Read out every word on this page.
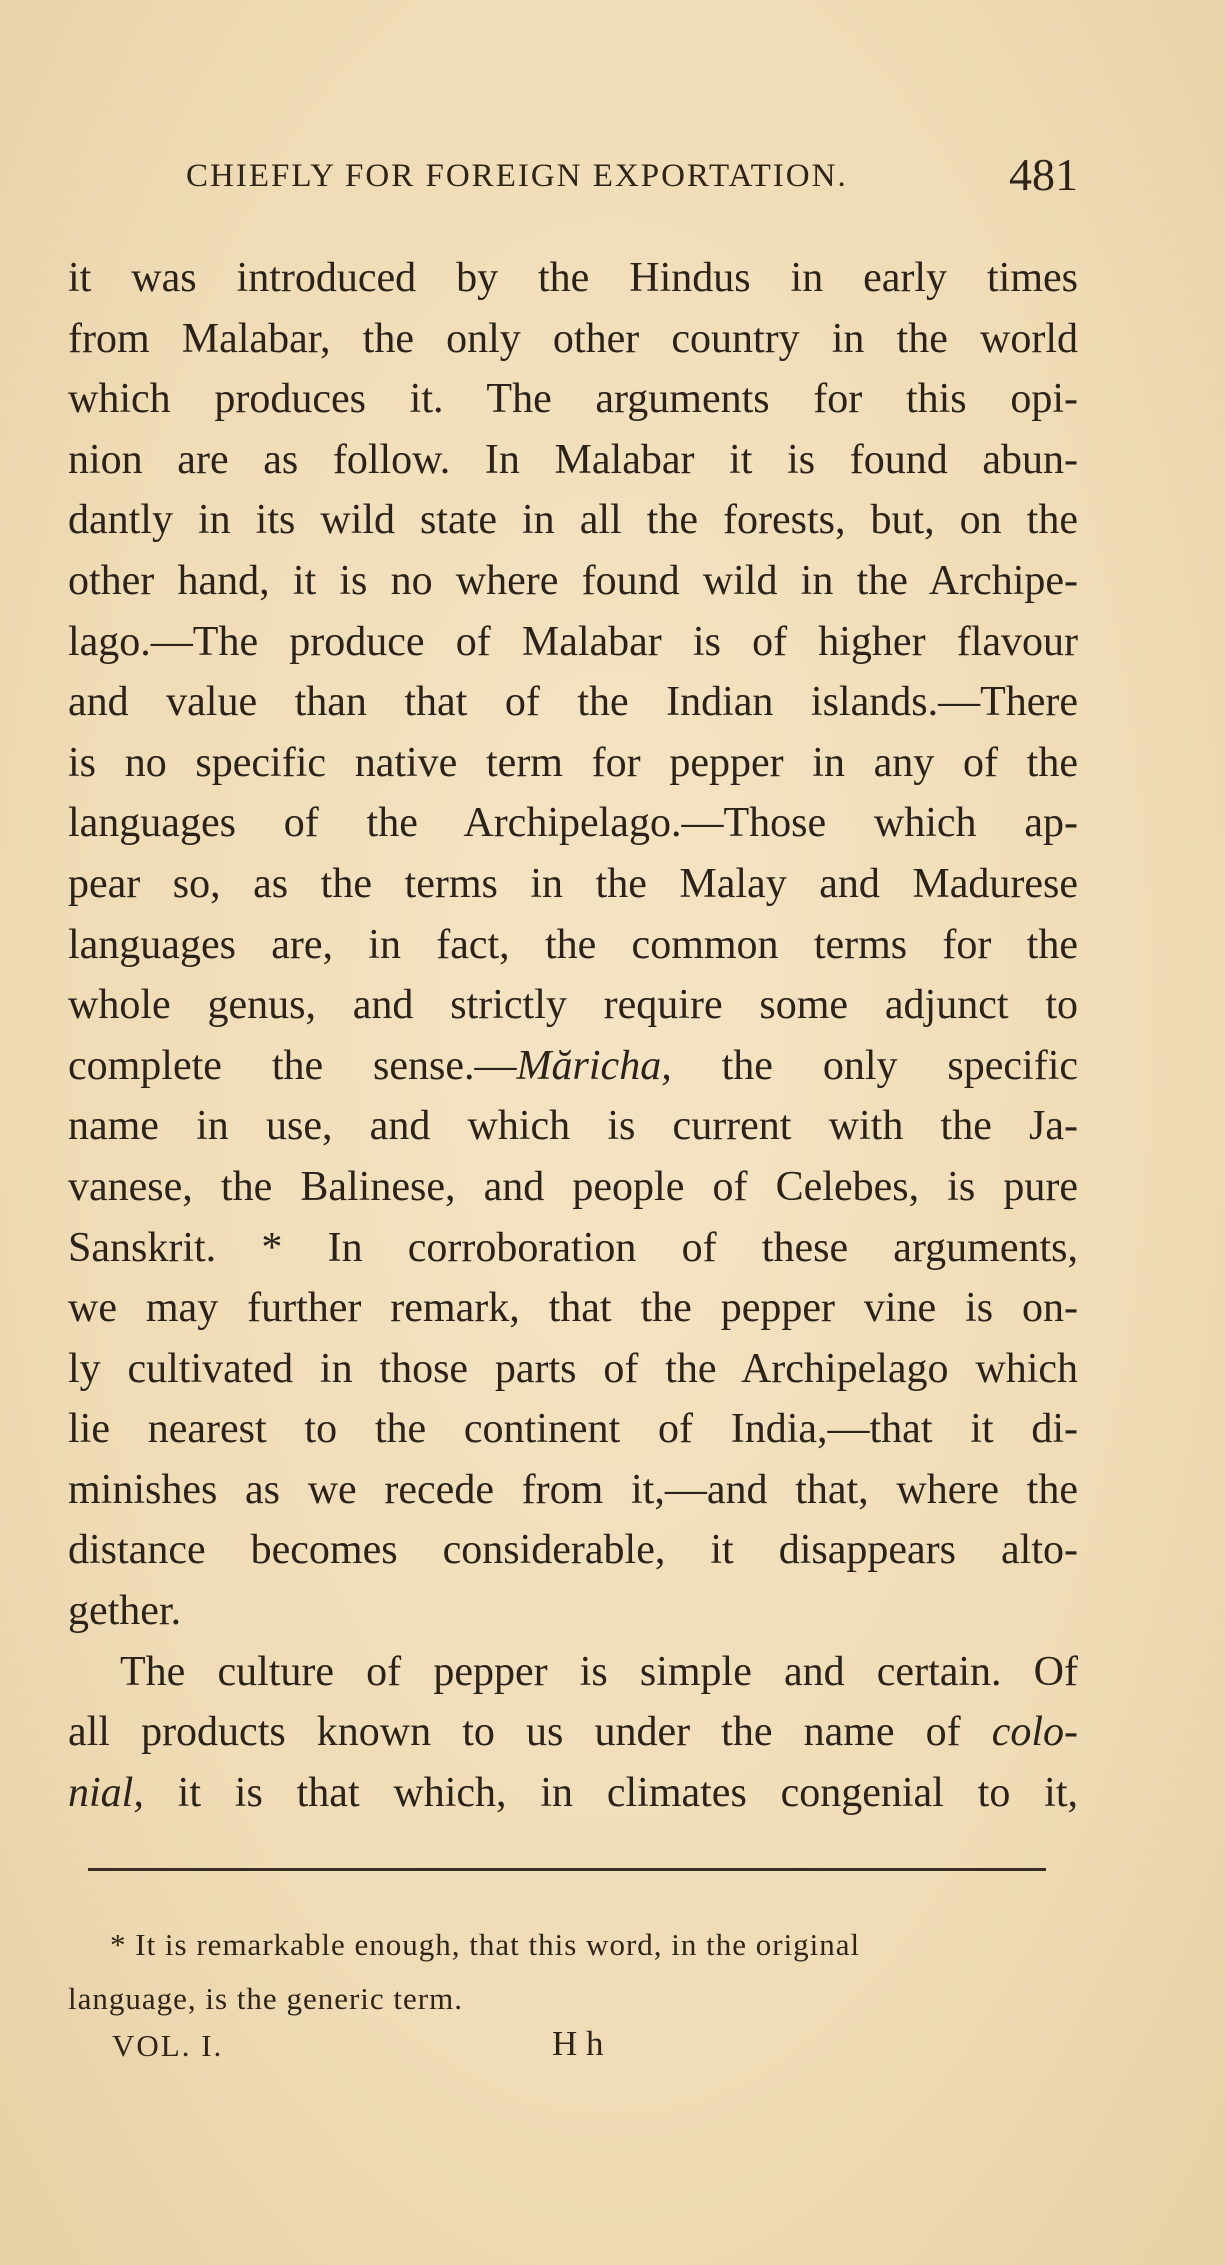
CHIEFLY FOR FOREIGN EXPORTATION.	481
it was introduced by the Hindus in early times
from Malabar, the only other country in the world
which produces it. The arguments for this opi-
nion are as follow. In Malabar it is found abun-
dantly in its wild state in all the forests, but, on the
other hand, it is no where found wild in the Archipe-
lago.—The produce of Malabar is of higher flavour
and value than that of the Indian islands.—There
is no specific native term for pepper in any of the
languages of the Archipelago.—Those which ap-
pear so, as the terms in the Malay and Madurese
languages are, in fact, the common terms for the
whole genus, and strictly require some adjunct to
complete the sense.—Măricha, the only specific
name in use, and which is current with the Ja-
vanese, the Balinese, and people of Celebes, is pure
Sanskrit. * In corroboration of these arguments,
we may further remark, that the pepper vine is on-
ly cultivated in those parts of the Archipelago which
lie nearest to the continent of India,—that it di-
minishes as we recede from it,—and that, where the
distance becomes considerable, it disappears alto-
gether.
The culture of pepper is simple and certain. Of
all products known to us under the name of colo-
nial, it is that which, in climates congenial to it,
* It is remarkable enough, that this word, in the original
language, is the generic term.
VOL. I.	H h
